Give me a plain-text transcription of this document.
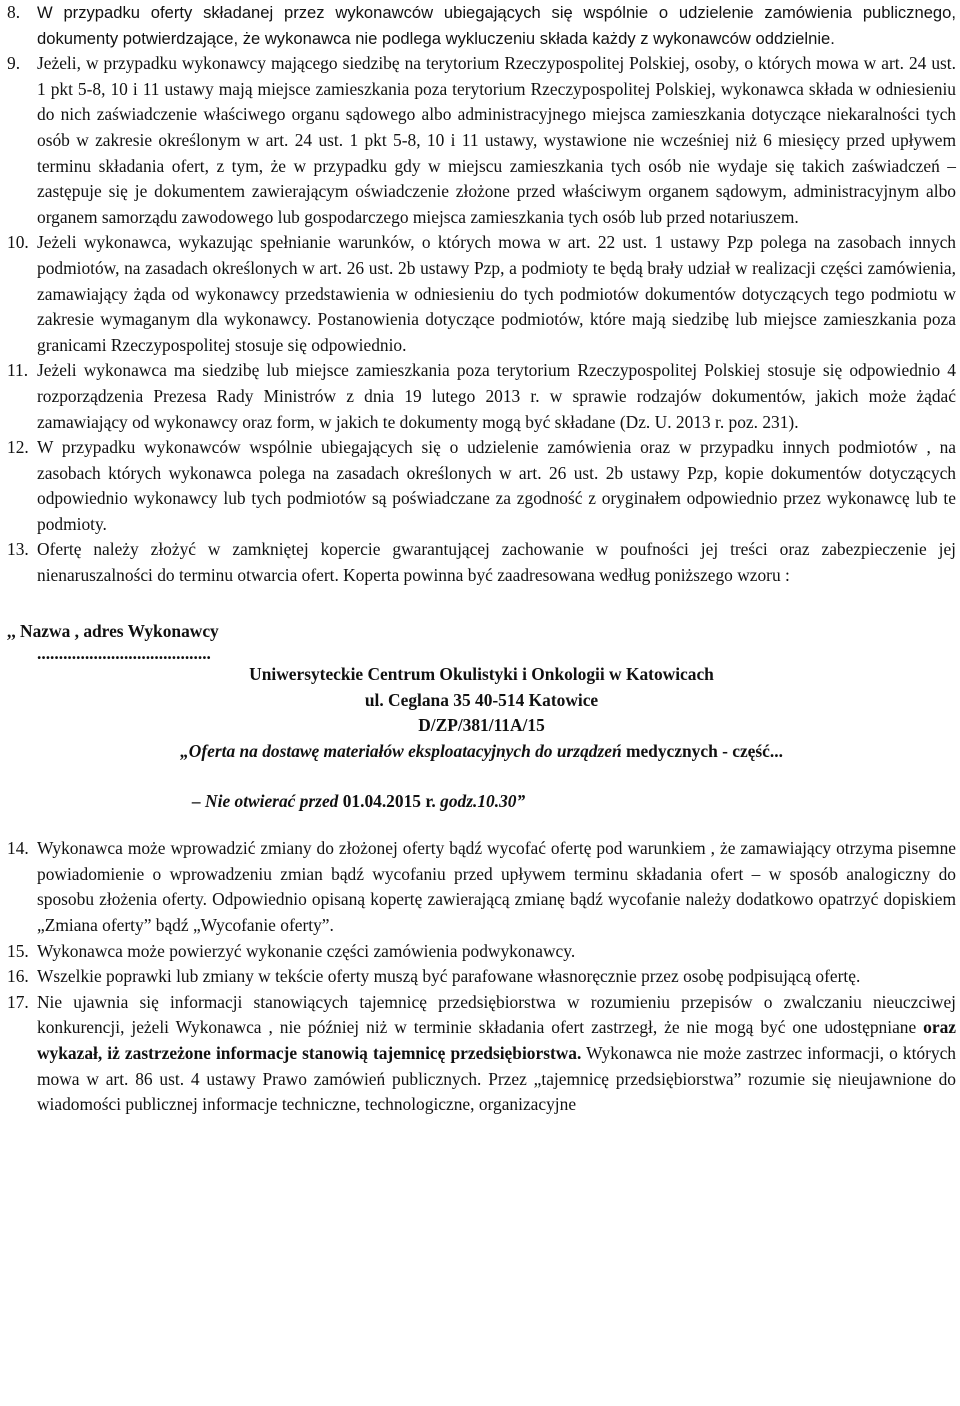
8.	W przypadku oferty składanej przez wykonawców ubiegających się wspólnie o udzielenie zamówienia publicznego, dokumenty potwierdzające, że wykonawca nie podlega wykluczeniu składa każdy z wykonawców oddzielnie.
9. Jeżeli, w przypadku wykonawcy mającego siedzibę na terytorium Rzeczypospolitej Polskiej, osoby, o których mowa w art. 24 ust. 1 pkt 5-8, 10 i 11 ustawy mają miejsce zamieszkania poza terytorium Rzeczypospolitej Polskiej, wykonawca składa w odniesieniu do nich zaświadczenie właściwego organu sądowego albo administracyjnego miejsca zamieszkania dotyczące niekaralności tych osób w zakresie określonym w art. 24 ust. 1 pkt 5-8, 10 i 11 ustawy, wystawione nie wcześniej niż 6 miesięcy przed upływem terminu składania ofert, z tym, że w przypadku gdy w miejscu zamieszkania tych osób nie wydaje się takich zaświadczeń – zastępuje się je dokumentem zawierającym oświadczenie złożone przed właściwym organem sądowym, administracyjnym albo organem samorządu zawodowego lub gospodarczego miejsca zamieszkania tych osób lub przed notariuszem.
10. Jeżeli wykonawca, wykazując spełnianie warunków, o których mowa w art. 22 ust. 1 ustawy Pzp polega na zasobach innych podmiotów, na zasadach określonych w art. 26 ust. 2b ustawy Pzp, a podmioty te będą brały udział w realizacji części zamówienia, zamawiający żąda od wykonawcy przedstawienia w odniesieniu do tych podmiotów dokumentów dotyczących tego podmiotu w zakresie wymaganym dla wykonawcy. Postanowienia dotyczące podmiotów, które mają siedzibę lub miejsce zamieszkania poza granicami Rzeczypospolitej stosuje się odpowiednio.
11. Jeżeli wykonawca ma siedzibę lub miejsce zamieszkania poza terytorium Rzeczypospolitej Polskiej stosuje się odpowiednio 4 rozporządzenia Prezesa Rady Ministrów z dnia 19 lutego 2013 r. w sprawie rodzajów dokumentów, jakich może żądać zamawiający od wykonawcy oraz form, w jakich te dokumenty mogą być składane (Dz. U. 2013 r. poz. 231).
12. W przypadku wykonawców wspólnie ubiegających się o udzielenie zamówienia oraz w przypadku innych podmiotów , na zasobach których wykonawca polega na zasadach określonych w art. 26 ust. 2b ustawy Pzp, kopie dokumentów dotyczących odpowiednio wykonawcy lub tych podmiotów są poświadczane za zgodność z oryginałem odpowiednio przez wykonawcę lub te podmioty.
13. Ofertę należy złożyć w zamkniętej kopercie gwarantującej zachowanie w poufności jej treści oraz zabezpieczenie jej nienaruszalności do terminu otwarcia ofert. Koperta powinna być zaadresowana według poniższego wzoru :
,, Nazwa , adres Wykonawcy
........................................
Uniwersyteckie Centrum Okulistyki i Onkologii w Katowicach
ul. Ceglana 35 40-514 Katowice
D/ZP/381/11A/15
„Oferta na dostawę materiałów eksploatacyjnych do urządzeń medycznych - część...
– Nie otwierać przed 01.04.2015 r. godz.10.30”
14. Wykonawca może wprowadzić zmiany do złożonej oferty bądź wycofać ofertę pod warunkiem , że zamawiający otrzyma pisemne powiadomienie o wprowadzeniu zmian bądź wycofaniu przed upływem terminu składania ofert – w sposób analogiczny do sposobu złożenia oferty. Odpowiednio opisaną kopertę zawierającą zmianę bądź wycofanie należy dodatkowo opatrzyć dopiskiem „Zmiana oferty” bądź „Wycofanie oferty”.
15. Wykonawca może powierzyć wykonanie części zamówienia podwykonawcy.
16. Wszelkie poprawki lub zmiany w tekście oferty muszą być parafowane własnoręcznie przez osobę podpisującą ofertę.
17. Nie ujawnia się informacji stanowiących tajemnicę przedsiębiorstwa w rozumieniu przepisów o zwalczaniu nieuczciwej konkurencji, jeżeli Wykonawca , nie później niż w terminie składania ofert zastrzegł, że nie mogą być one udostępniane oraz wykazał, iż zastrzeżone informacje stanowią tajemnicę przedsiębiorstwa. Wykonawca nie może zastrzec informacji, o których mowa w art. 86 ust. 4 ustawy Prawo zamówień publicznych. Przez „tajemnicę przedsiębiorstwa” rozumie się nieujawnione do wiadomości publicznej informacje techniczne, technologiczne, organizacyjne
